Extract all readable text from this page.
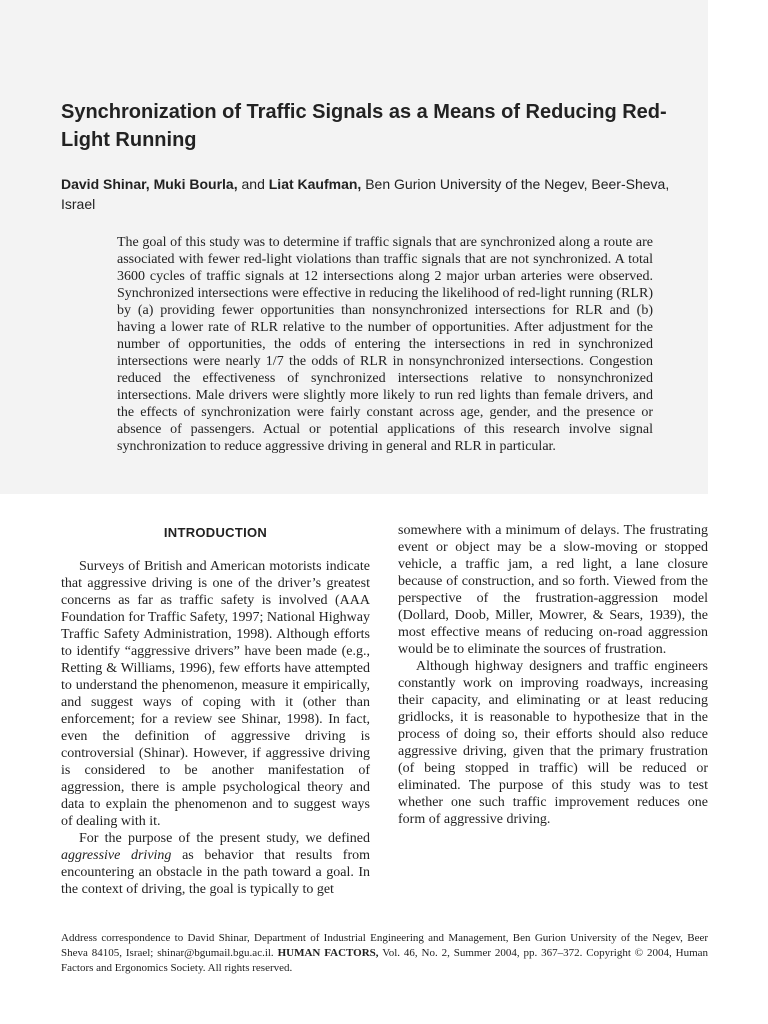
Synchronization of Traffic Signals as a Means of Reducing Red-Light Running

David Shinar, Muki Bourla, and Liat Kaufman, Ben Gurion University of the Negev, Beer-Sheva, Israel

The goal of this study was to determine if traffic signals that are synchronized along a route are associated with fewer red-light violations than traffic signals that are not synchronized. A total 3600 cycles of traffic signals at 12 intersections along 2 major urban arteries were observed. Synchronized intersections were effective in reducing the likelihood of red-light running (RLR) by (a) providing fewer opportunities than nonsynchronized intersections for RLR and (b) having a lower rate of RLR relative to the number of opportunities. After adjustment for the number of opportunities, the odds of entering the intersections in red in synchronized intersections were nearly 1/7 the odds of RLR in nonsynchronized intersections. Congestion reduced the effectiveness of synchronized intersections relative to nonsynchronized intersections. Male drivers were slightly more likely to run red lights than female drivers, and the effects of synchronization were fairly constant across age, gender, and the presence or absence of passengers. Actual or potential applications of this research involve signal synchronization to reduce aggressive driving in general and RLR in particular.

INTRODUCTION

Surveys of British and American motorists indicate that aggressive driving is one of the driver’s greatest concerns as far as traffic safety is involved (AAA Foundation for Traffic Safety, 1997; National Highway Traffic Safety Administration, 1998). Although efforts to identify “aggressive drivers” have been made (e.g., Retting & Williams, 1996), few efforts have attempted to understand the phenomenon, measure it empirically, and suggest ways of coping with it (other than enforcement; for a review see Shinar, 1998). In fact, even the definition of aggressive driving is controversial (Shinar). However, if aggressive driving is considered to be another manifestation of aggression, there is ample psychological theory and data to explain the phenomenon and to suggest ways of dealing with it.

For the purpose of the present study, we defined aggressive driving as behavior that results from encountering an obstacle in the path toward a goal. In the context of driving, the goal is typically to get

somewhere with a minimum of delays. The frustrating event or object may be a slow-moving or stopped vehicle, a traffic jam, a red light, a lane closure because of construction, and so forth. Viewed from the perspective of the frustration-aggression model (Dollard, Doob, Miller, Mowrer, & Sears, 1939), the most effective means of reducing on-road aggression would be to eliminate the sources of frustration.

Although highway designers and traffic engineers constantly work on improving roadways, increasing their capacity, and eliminating or at least reducing gridlocks, it is reasonable to hypothesize that in the process of doing so, their efforts should also reduce aggressive driving, given that the primary frustration (of being stopped in traffic) will be reduced or eliminated. The purpose of this study was to test whether one such traffic improvement reduces one form of aggressive driving.

Address correspondence to David Shinar, Department of Industrial Engineering and Management, Ben Gurion University of the Negev, Beer Sheva 84105, Israel; shinar@bgumail.bgu.ac.il. HUMAN FACTORS, Vol. 46, No. 2, Summer 2004, pp. 367–372. Copyright © 2004, Human Factors and Ergonomics Society. All rights reserved.
